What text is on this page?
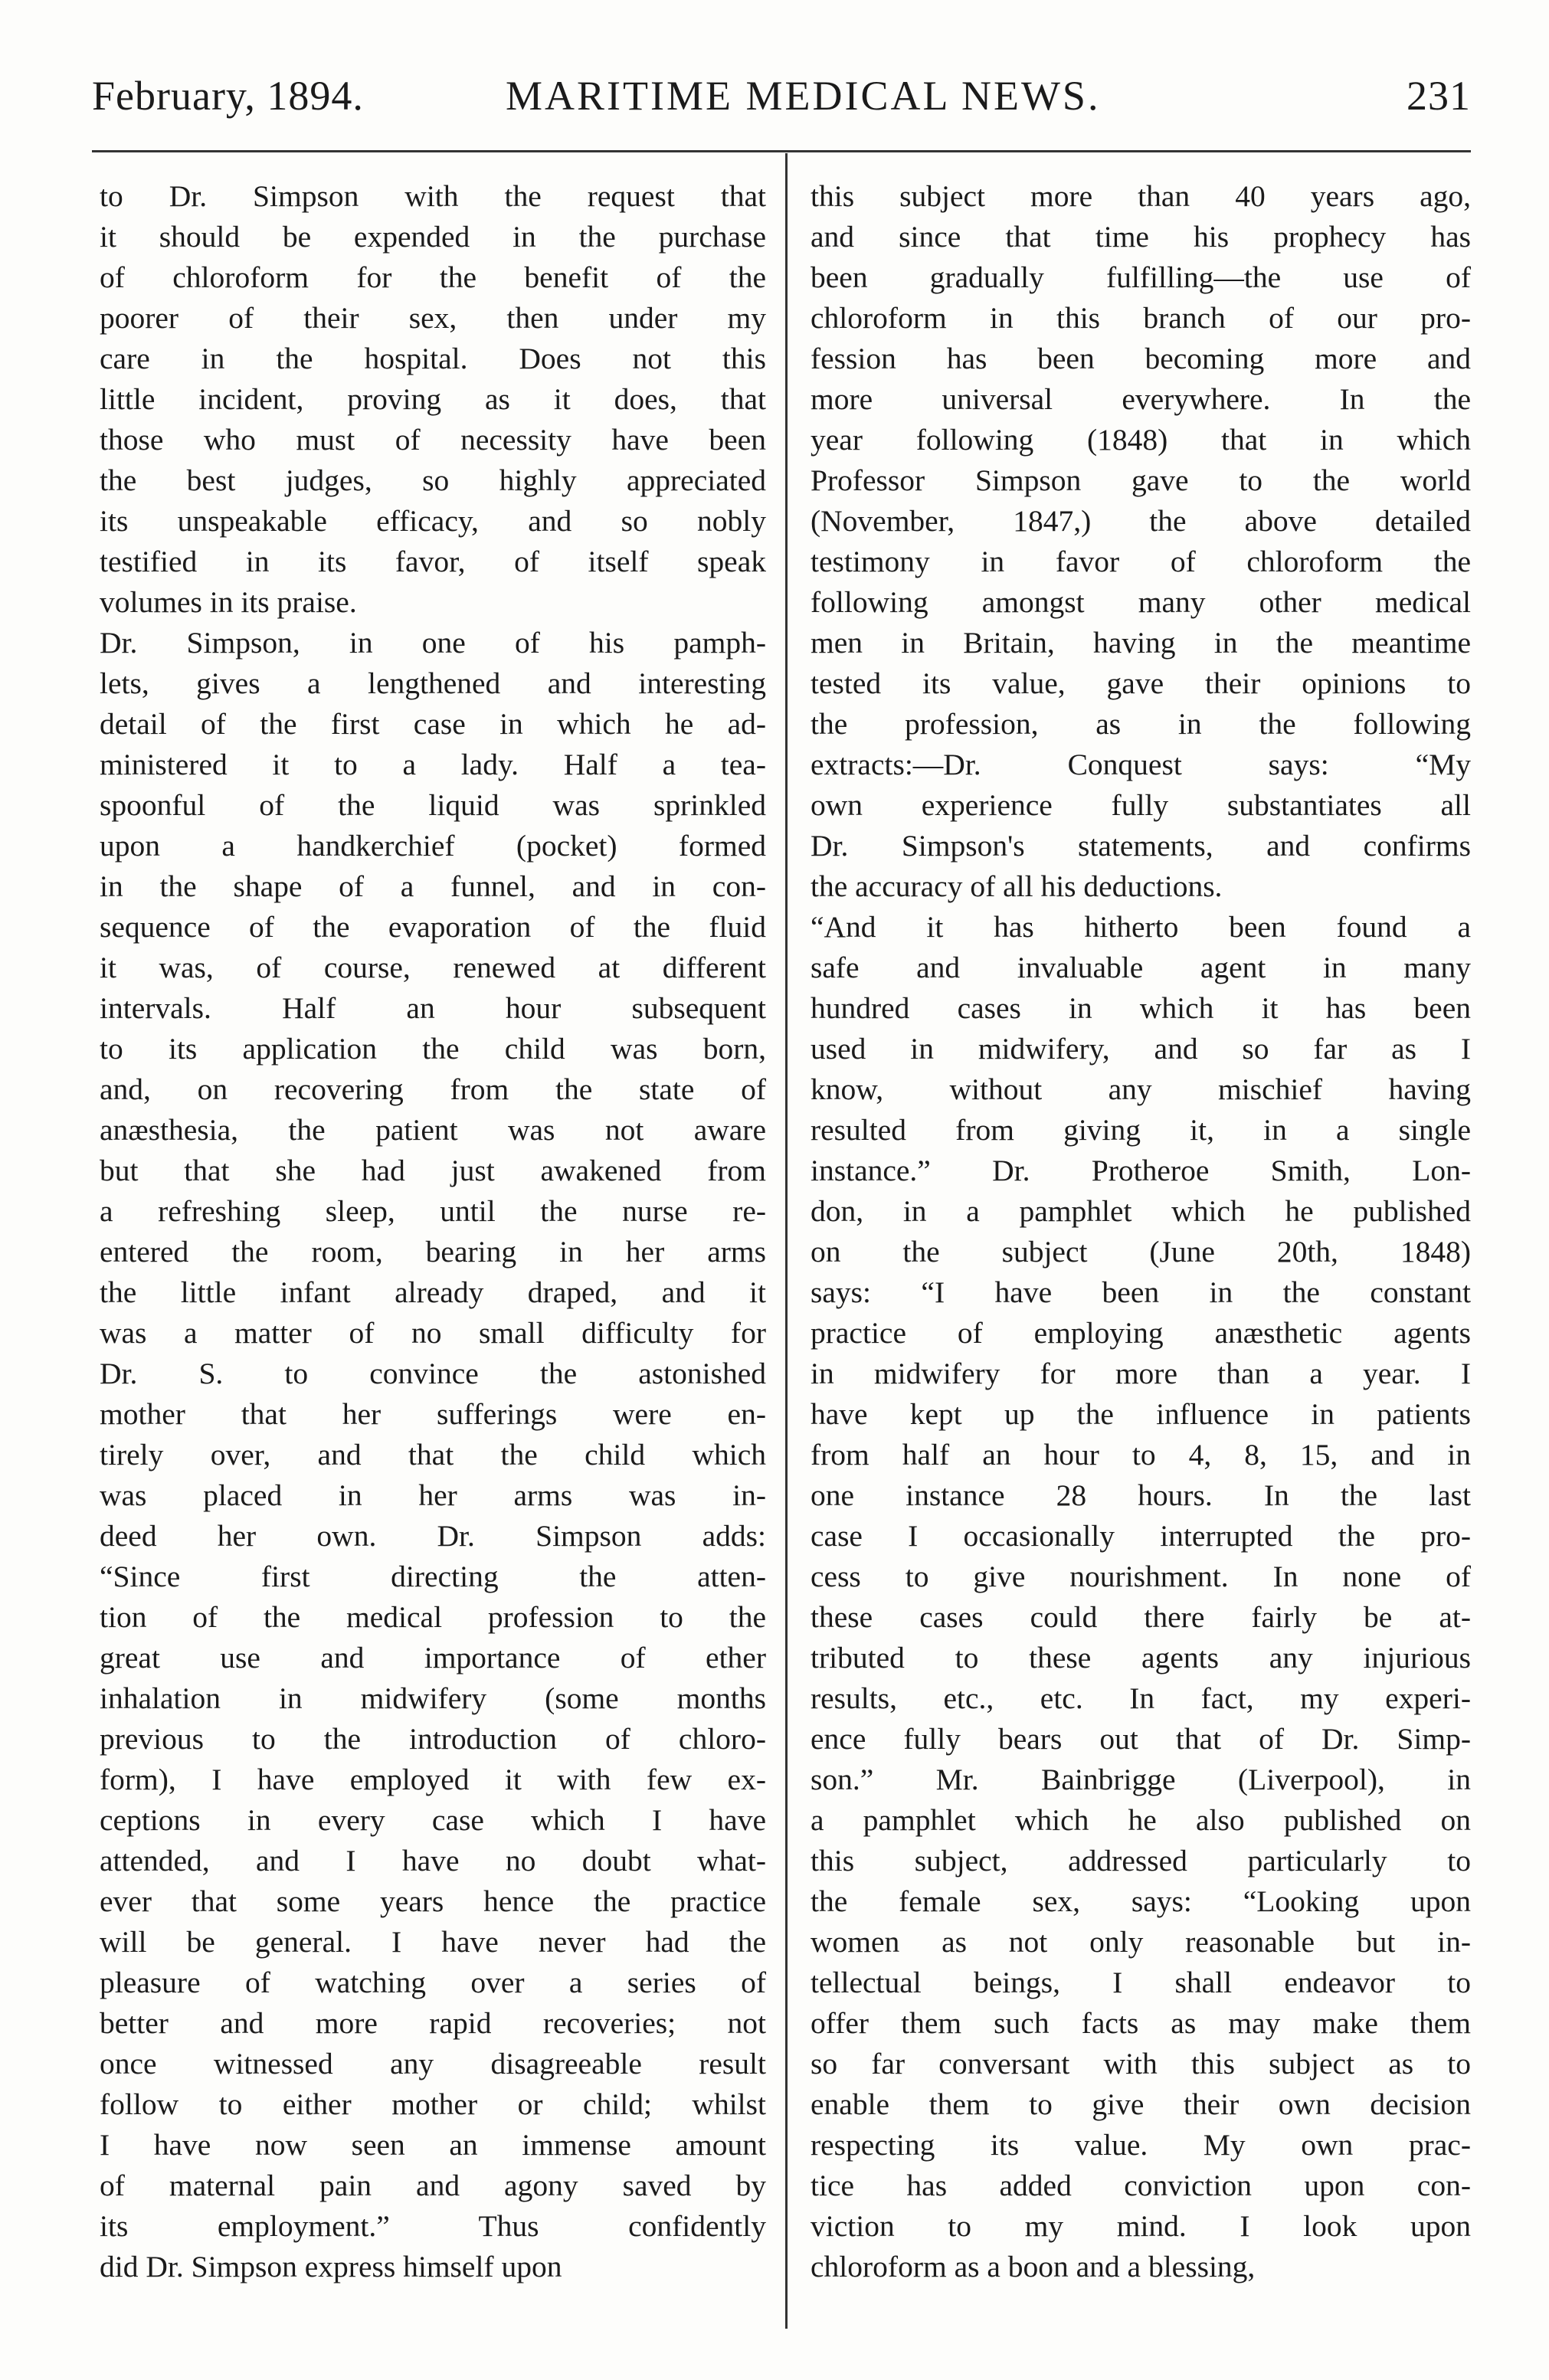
February, 1894.	MARITIME MEDICAL NEWS.	231

to Dr. Simpson with the request that
it should be expended in the purchase
of chloroform for the benefit of the
poorer of their sex, then under my
care in the hospital. Does not this
little incident, proving as it does, that
those who must of necessity have been
the best judges, so highly appreciated
its unspeakable efficacy, and so nobly
testified in its favor, of itself speak
volumes in its praise.
Dr. Simpson, in one of his pamph-
lets, gives a lengthened and interesting
detail of the first case in which he ad-
ministered it to a lady. Half a tea-
spoonful of the liquid was sprinkled
upon a handkerchief (pocket) formed
in the shape of a funnel, and in con-
sequence of the evaporation of the fluid
it was, of course, renewed at different
intervals. Half an hour subsequent
to its application the child was born,
and, on recovering from the state of
anæsthesia, the patient was not aware
but that she had just awakened from
a refreshing sleep, until the nurse re-
entered the room, bearing in her arms
the little infant already draped, and it
was a matter of no small difficulty for
Dr. S. to convince the astonished
mother that her sufferings were en-
tirely over, and that the child which
was placed in her arms was in-
deed her own. Dr. Simpson adds:
“Since first directing the atten-
tion of the medical profession to the
great use and importance of ether
inhalation in midwifery (some months
previous to the introduction of chloro-
form), I have employed it with few ex-
ceptions in every case which I have
attended, and I have no doubt what-
ever that some years hence the practice
will be general. I have never had the
pleasure of watching over a series of
better and more rapid recoveries; not
once witnessed any disagreeable result
follow to either mother or child; whilst
I have now seen an immense amount
of maternal pain and agony saved by
its employment.” Thus confidently
did Dr. Simpson express himself upon

this subject more than 40 years ago,
and since that time his prophecy has
been gradually fulfilling—the use of
chloroform in this branch of our pro-
fession has been becoming more and
more universal everywhere. In the
year following (1848) that in which
Professor Simpson gave to the world
(November, 1847,) the above detailed
testimony in favor of chloroform the
following amongst many other medical
men in Britain, having in the meantime
tested its value, gave their opinions to
the profession, as in the following
extracts:—Dr. Conquest says: “My
own experience fully substantiates all
Dr. Simpson's statements, and confirms
the accuracy of all his deductions.
“And it has hitherto been found a
safe and invaluable agent in many
hundred cases in which it has been
used in midwifery, and so far as I
know, without any mischief having
resulted from giving it, in a single
instance.” Dr. Protheroe Smith, Lon-
don, in a pamphlet which he published
on the subject (June 20th, 1848)
says: “I have been in the constant
practice of employing anæsthetic agents
in midwifery for more than a year. I
have kept up the influence in patients
from half an hour to 4, 8, 15, and in
one instance 28 hours. In the last
case I occasionally interrupted the pro-
cess to give nourishment. In none of
these cases could there fairly be at-
tributed to these agents any injurious
results, etc., etc. In fact, my experi-
ence fully bears out that of Dr. Simp-
son.” Mr. Bainbrigge (Liverpool), in
a pamphlet which he also published on
this subject, addressed particularly to
the female sex, says: “Looking upon
women as not only reasonable but in-
tellectual beings, I shall endeavor to
offer them such facts as may make them
so far conversant with this subject as to
enable them to give their own decision
respecting its value. My own prac-
tice has added conviction upon con-
viction to my mind. I look upon
chloroform as a boon and a blessing,
